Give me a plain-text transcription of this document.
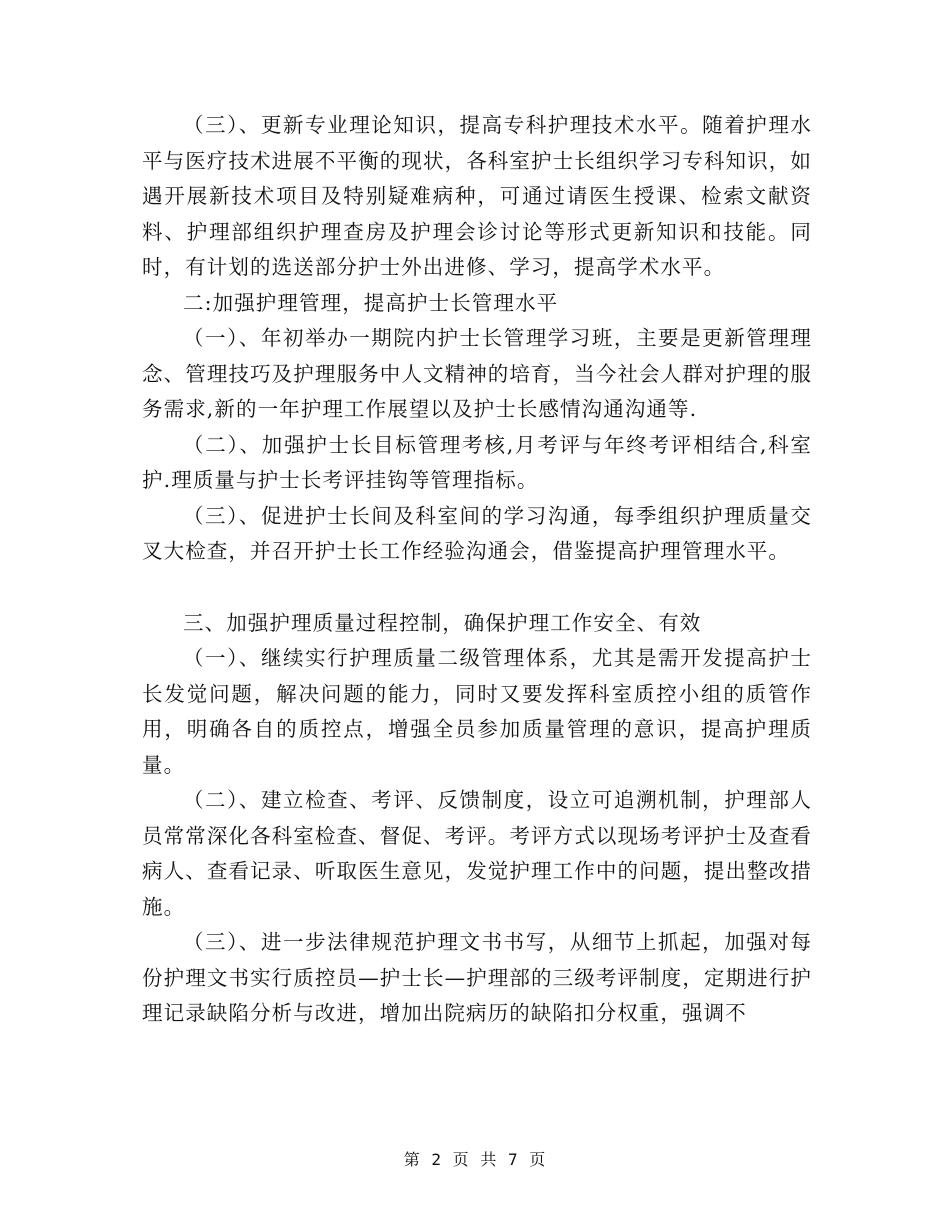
（三）、更新专业理论知识，提高专科护理技术水平。随着护理水平与医疗技术进展不平衡的现状，各科室护士长组织学习专科知识，如遇开展新技术项目及特别疑难病种，可通过请医生授课、检索文献资料、护理部组织护理查房及护理会诊讨论等形式更新知识和技能。同时，有计划的选送部分护士外出进修、学习，提高学术水平。

二:加强护理管理，提高护士长管理水平

（一）、年初举办一期院内护士长管理学习班，主要是更新管理理念、管理技巧及护理服务中人文精神的培育，当今社会人群对护理的服务需求,新的一年护理工作展望以及护士长感情沟通沟通等.

（二）、加强护士长目标管理考核,月考评与年终考评相结合,科室护.理质量与护士长考评挂钩等管理指标。

（三）、促进护士长间及科室间的学习沟通，每季组织护理质量交叉大检查，并召开护士长工作经验沟通会，借鉴提高护理管理水平。

三、加强护理质量过程控制，确保护理工作安全、有效

（一）、继续实行护理质量二级管理体系，尤其是需开发提高护士长发觉问题，解决问题的能力，同时又要发挥科室质控小组的质管作用，明确各自的质控点，增强全员参加质量管理的意识，提高护理质量。

（二）、建立检查、考评、反馈制度，设立可追溯机制，护理部人员常常深化各科室检查、督促、考评。考评方式以现场考评护士及查看病人、查看记录、听取医生意见，发觉护理工作中的问题，提出整改措施。

（三）、进一步法律规范护理文书书写，从细节上抓起，加强对每份护理文书实行质控员—护士长—护理部的三级考评制度，定期进行护理记录缺陷分析与改进，增加出院病历的缺陷扣分权重，强调不

第 2 页 共 7 页
